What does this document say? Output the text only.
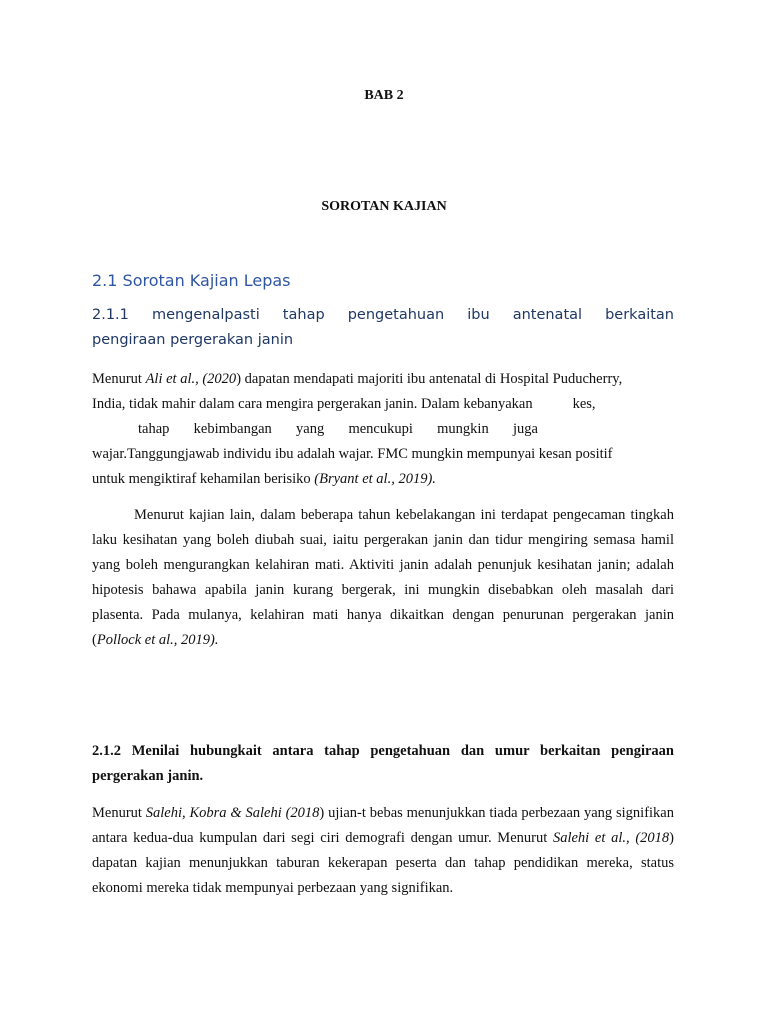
BAB 2
SOROTAN KAJIAN
2.1 Sorotan Kajian Lepas
2.1.1 mengenalpasti tahap pengetahuan ibu antenatal berkaitan
pengiraan pergerakan janin
Menurut Ali et al., (2020) dapatan mendapati majoriti ibu antenatal di Hospital Puducherry,
India, tidak mahir dalam cara mengira pergerakan janin. Dalam kebanyakan	kes,
tahap kebimbangan yang mencukupi mungkin juga
wajar.Tanggungjawab individu ibu adalah wajar. FMC mungkin mempunyai kesan positif
untuk mengiktiraf kehamilan berisiko (Bryant et al., 2019).
Menurut kajian lain, dalam beberapa tahun kebelakangan ini terdapat pengecaman tingkah laku kesihatan yang boleh diubah suai, iaitu pergerakan janin dan tidur mengiring semasa hamil yang boleh mengurangkan kelahiran mati. Aktiviti janin adalah penunjuk kesihatan janin; adalah hipotesis bahawa apabila janin kurang bergerak, ini mungkin disebabkan oleh masalah dari plasenta. Pada mulanya, kelahiran mati hanya dikaitkan dengan penurunan pergerakan janin (Pollock et al., 2019).
2.1.2 Menilai hubungkait antara tahap pengetahuan dan umur berkaitan pengiraan pergerakan janin.
Menurut Salehi, Kobra & Salehi (2018) ujian-t bebas menunjukkan tiada perbezaan yang signifikan antara kedua-dua kumpulan dari segi ciri demografi dengan umur. Menurut Salehi et al., (2018) dapatan kajian menunjukkan taburan kekerapan peserta dan tahap pendidikan mereka, status ekonomi mereka tidak mempunyai perbezaan yang signifikan.
